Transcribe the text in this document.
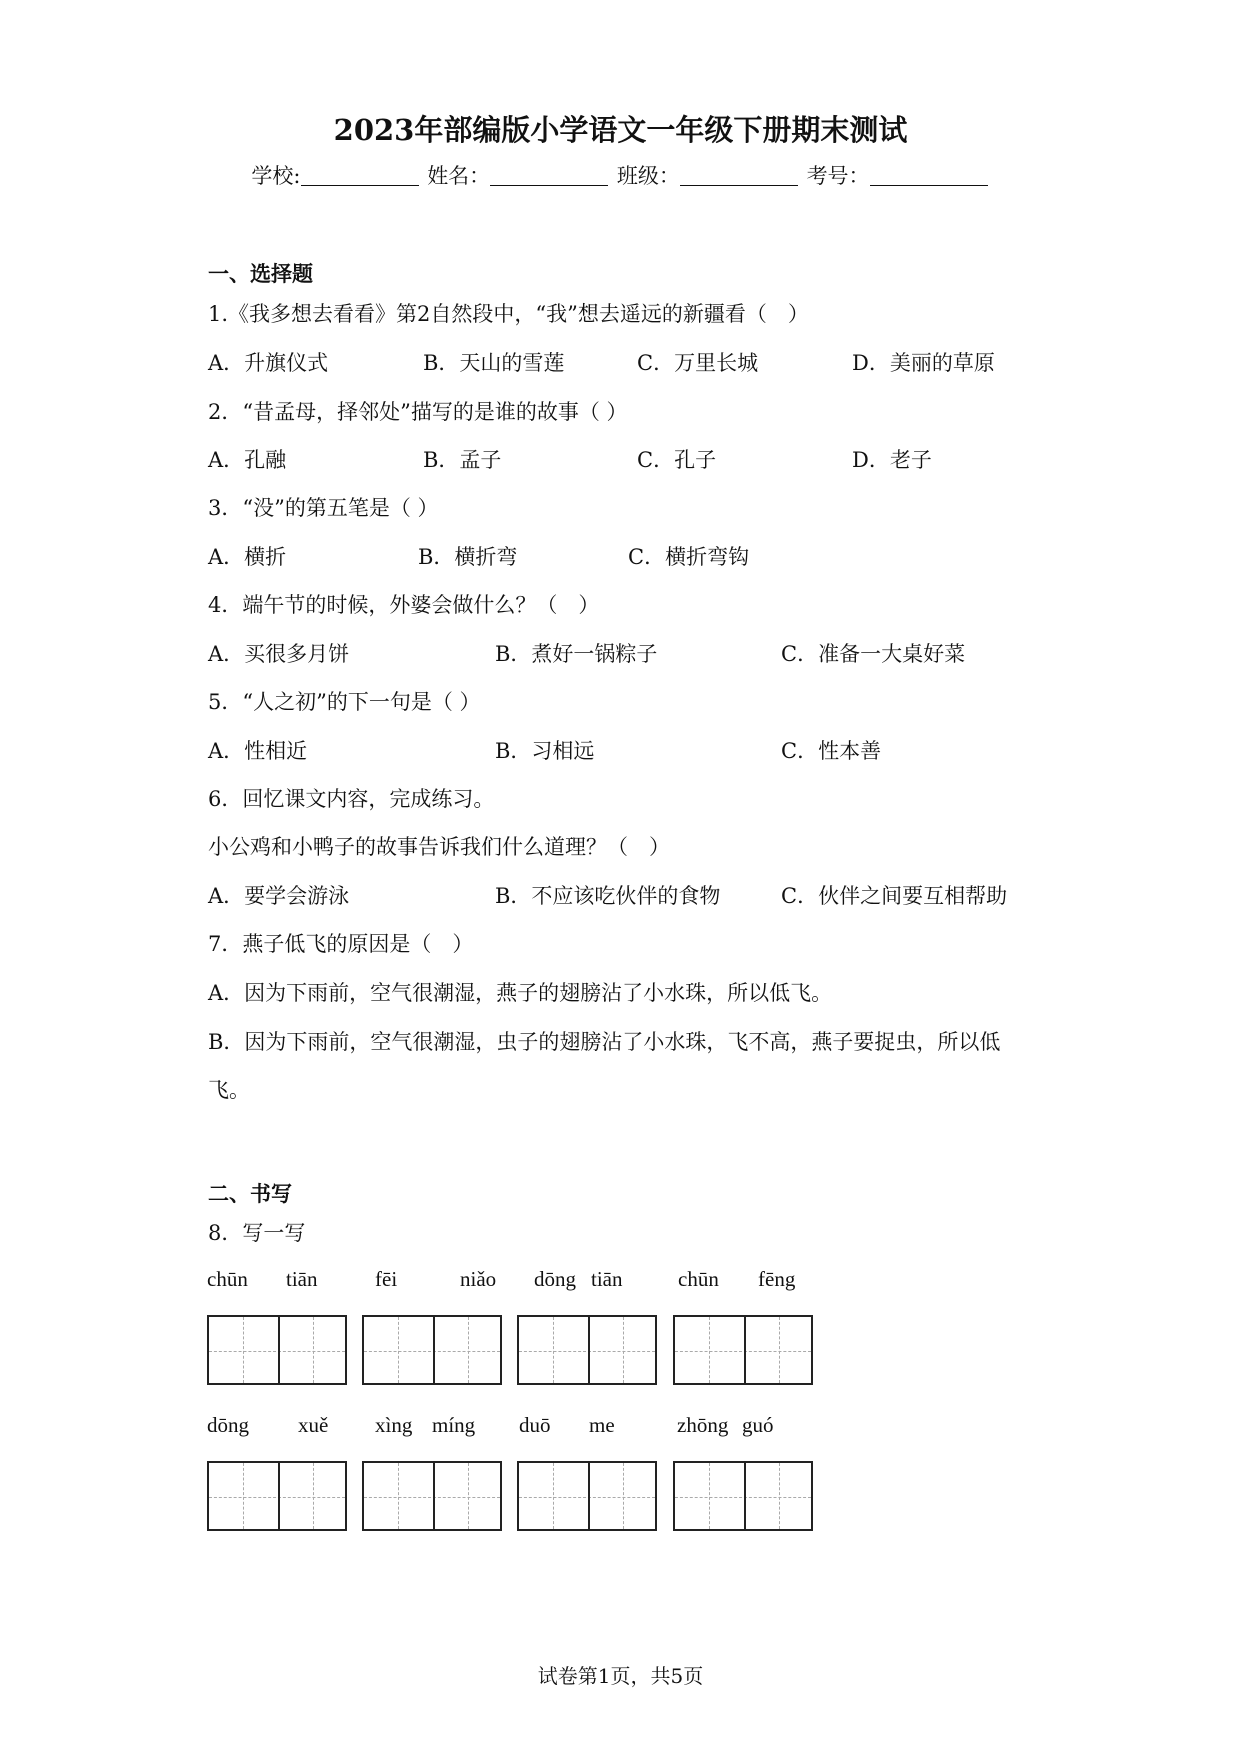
2023年部编版小学语文一年级下册期末测试
学校:	姓名：	班级：	考号：
一、选择题
1.《我多想去看看》第2自然段中，“我”想去遥远的新疆看（　）
A．升旗仪式	B．天山的雪莲	C．万里长城	D．美丽的草原
2．“昔孟母，择邻处”描写的是谁的故事（ ）
A．孔融	B．孟子	C．孔子	D．老子
3．“没”的第五笔是（ ）
A．横折	B．横折弯	C．横折弯钩
4．端午节的时候，外婆会做什么？（　）
A．买很多月饼	B．煮好一锅粽子	C．准备一大桌好菜
5．“人之初”的下一句是（ ）
A．性相近	B．习相远	C．性本善
6．回忆课文内容，完成练习。
小公鸡和小鸭子的故事告诉我们什么道理？（　）
A．要学会游泳	B．不应该吃伙伴的食物	C．伙伴之间要互相帮助
7．燕子低飞的原因是（　）
A．因为下雨前，空气很潮湿，燕子的翅膀沾了小水珠，所以低飞。
B．因为下雨前，空气很潮湿，虫子的翅膀沾了小水珠，飞不高，燕子要捉虫，所以低
飞。
二、书写
8．写一写
chūn tiān	fēi	niǎo dōng tiān	chūn fēng
dōng xuě xìng míng duō me	zhōng guó
试卷第1页，共5页
